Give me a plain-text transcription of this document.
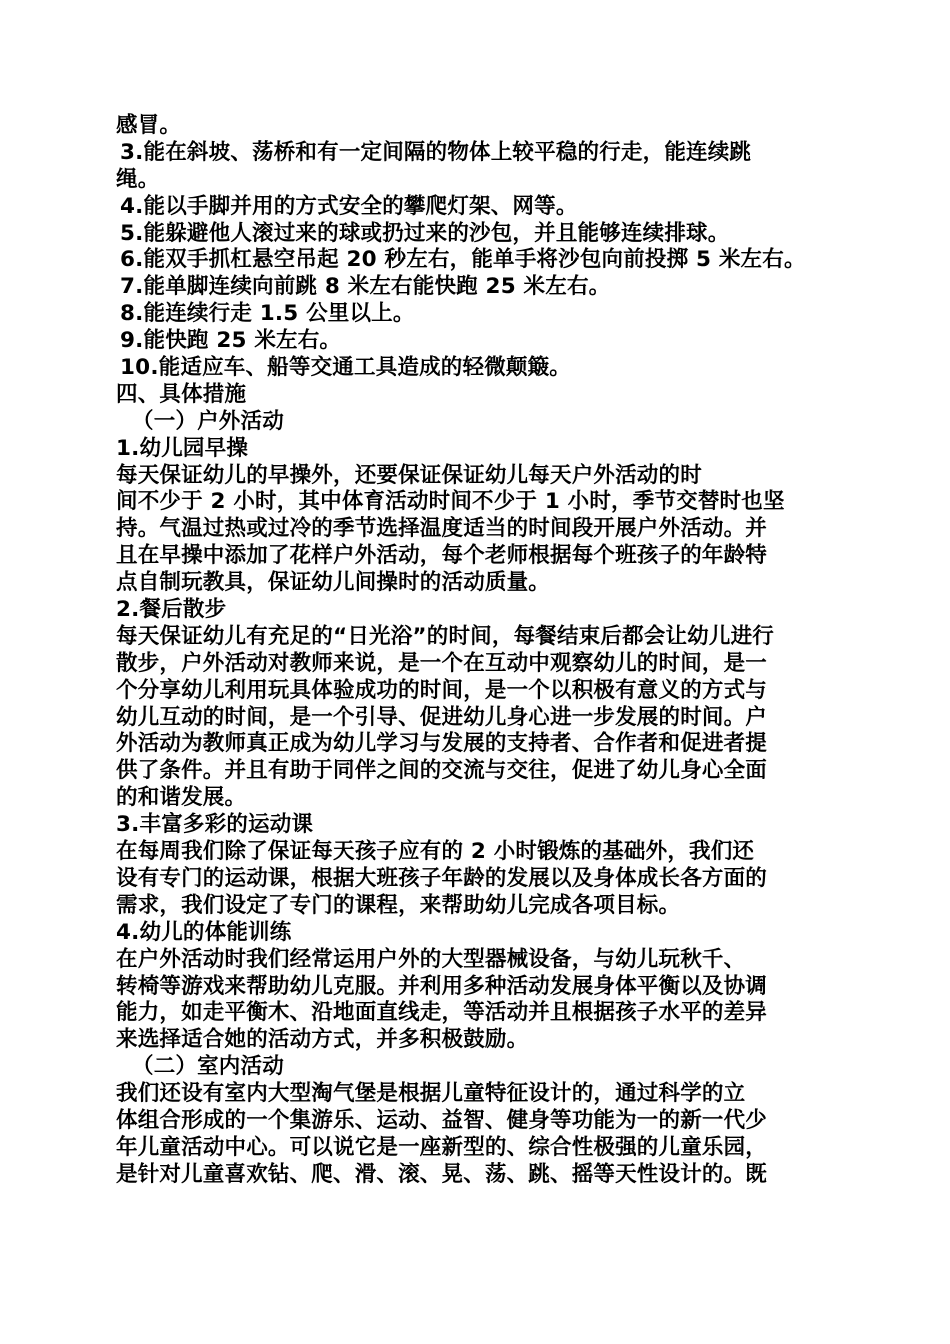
感冒。
3.能在斜坡、荡桥和有一定间隔的物体上较平稳的行走，能连续跳
绳。
4.能以手脚并用的方式安全的攀爬灯架、网等。
5.能躲避他人滚过来的球或扔过来的沙包，并且能够连续排球。
6.能双手抓杠悬空吊起 20 秒左右，能单手将沙包向前投掷 5 米左右。
7.能单脚连续向前跳 8 米左右能快跑 25 米左右。
8.能连续行走 1.5 公里以上。
9.能快跑 25 米左右。
10.能适应车、船等交通工具造成的轻微颠簸。
四、具体措施
（一）户外活动
1.幼儿园早操
每天保证幼儿的早操外，还要保证保证幼儿每天户外活动的时
间不少于 2 小时，其中体育活动时间不少于 1 小时，季节交替时也坚
持。气温过热或过冷的季节选择温度适当的时间段开展户外活动。并
且在早操中添加了花样户外活动，每个老师根据每个班孩子的年龄特
点自制玩教具，保证幼儿间操时的活动质量。
2.餐后散步
每天保证幼儿有充足的“日光浴”的时间，每餐结束后都会让幼儿进行
散步，户外活动对教师来说，是一个在互动中观察幼儿的时间，是一
个分享幼儿利用玩具体验成功的时间，是一个以积极有意义的方式与
幼儿互动的时间，是一个引导、促进幼儿身心进一步发展的时间。户
外活动为教师真正成为幼儿学习与发展的支持者、合作者和促进者提
供了条件。并且有助于同伴之间的交流与交往，促进了幼儿身心全面
的和谐发展。
3.丰富多彩的运动课
在每周我们除了保证每天孩子应有的 2 小时锻炼的基础外，我们还
设有专门的运动课，根据大班孩子年龄的发展以及身体成长各方面的
需求，我们设定了专门的课程，来帮助幼儿完成各项目标。
4.幼儿的体能训练
在户外活动时我们经常运用户外的大型器械设备，与幼儿玩秋千、
转椅等游戏来帮助幼儿克服。并利用多种活动发展身体平衡以及协调
能力，如走平衡木、沿地面直线走，等活动并且根据孩子水平的差异
来选择适合她的活动方式，并多积极鼓励。
（二）室内活动
我们还设有室内大型淘气堡是根据儿童特征设计的，通过科学的立
体组合形成的一个集游乐、运动、益智、健身等功能为一的新一代少
年儿童活动中心。可以说它是一座新型的、综合性极强的儿童乐园，
是针对儿童喜欢钻、爬、滑、滚、晃、荡、跳、摇等天性设计的。既
